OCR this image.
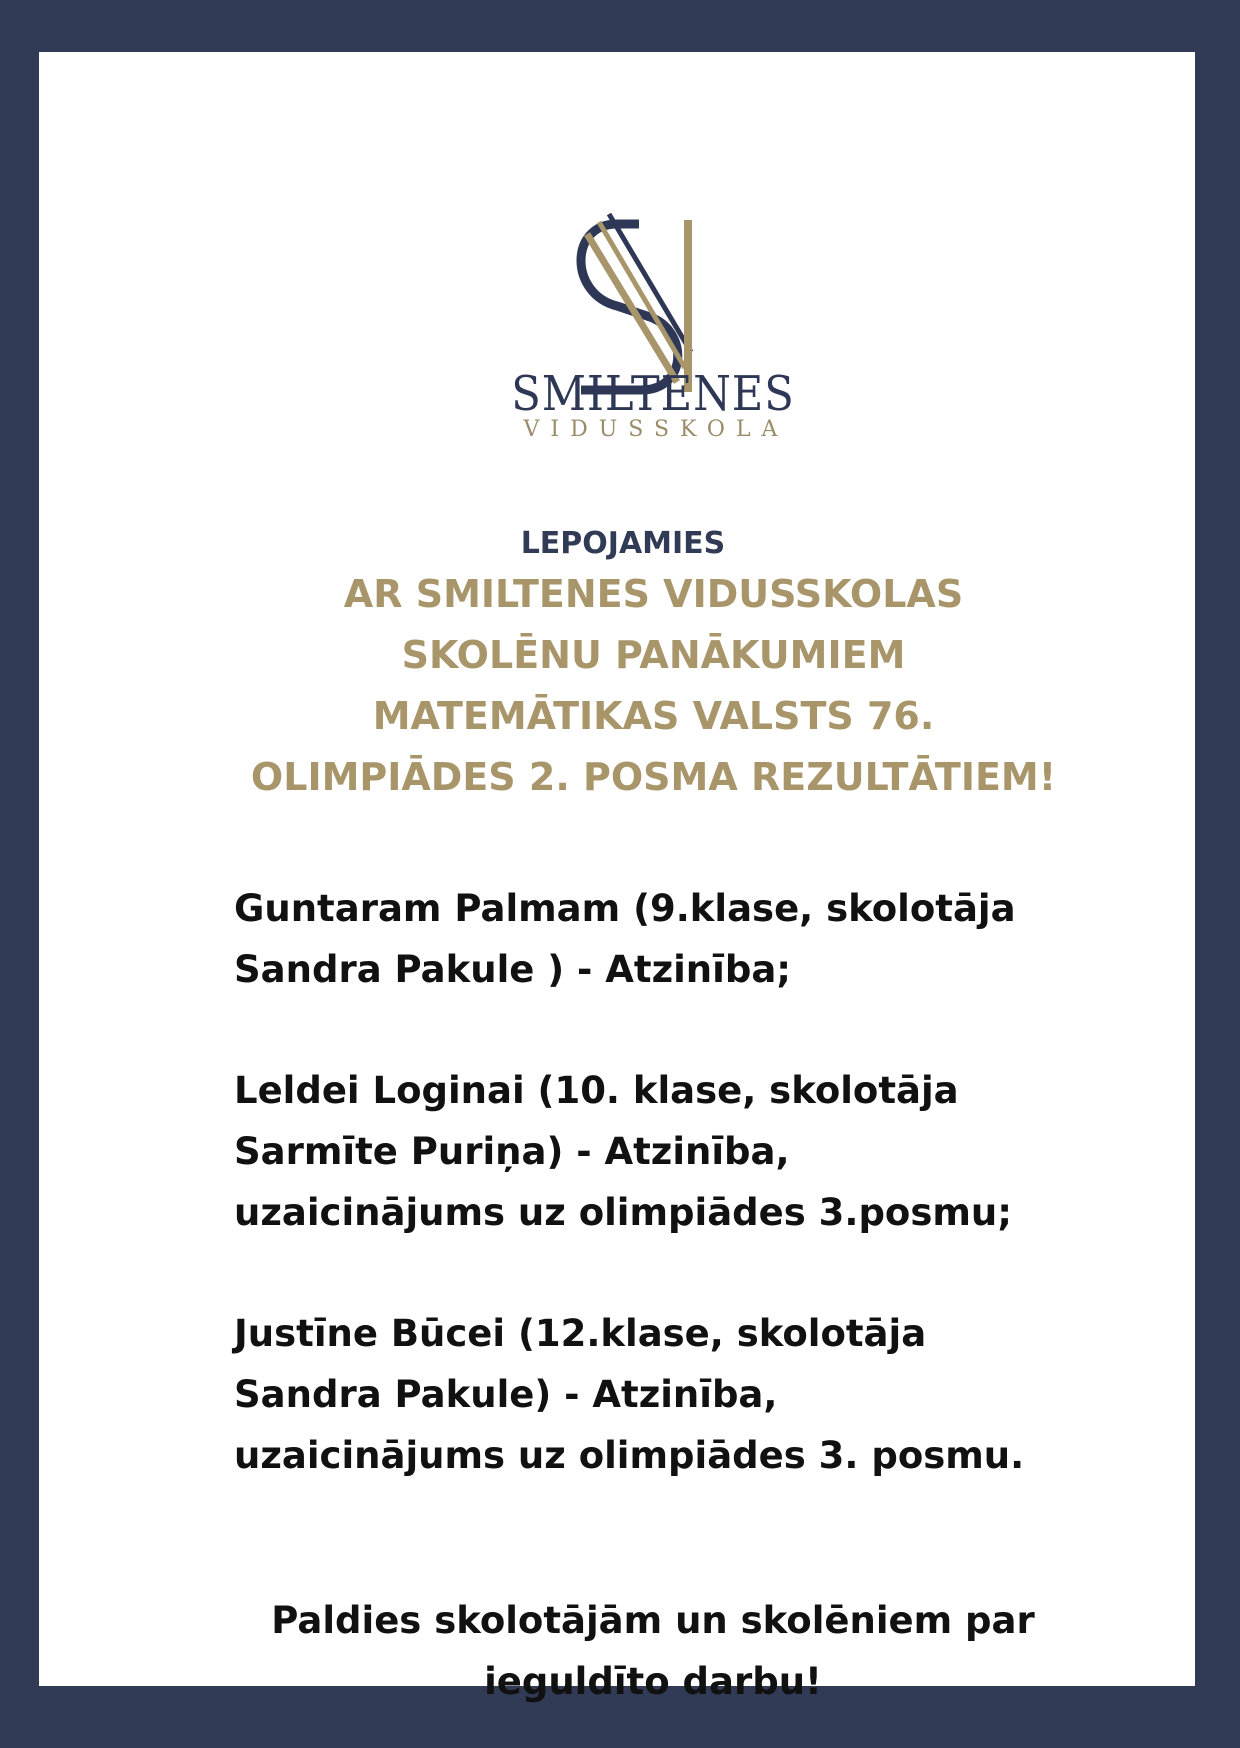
SMILTENES
VIDUSSKOLA
LEPOJAMIES
AR SMILTENES VIDUSSKOLAS
SKOLĒNU PANĀKUMIEM
MATEMĀTIKAS VALSTS 76.
OLIMPIĀDES 2. POSMA REZULTĀTIEM!
Guntaram Palmam (9.klase, skolotāja
Sandra Pakule ) - Atzinība;
Leldei Loginai (10. klase, skolotāja
Sarmīte Puriņa) - Atzinība,
uzaicinājums uz olimpiādes 3.posmu;
Justīne Būcei (12.klase, skolotāja
Sandra Pakule) - Atzinība,
uzaicinājums uz olimpiādes 3. posmu.
Paldies skolotājām un skolēniem par
ieguldīto darbu!
